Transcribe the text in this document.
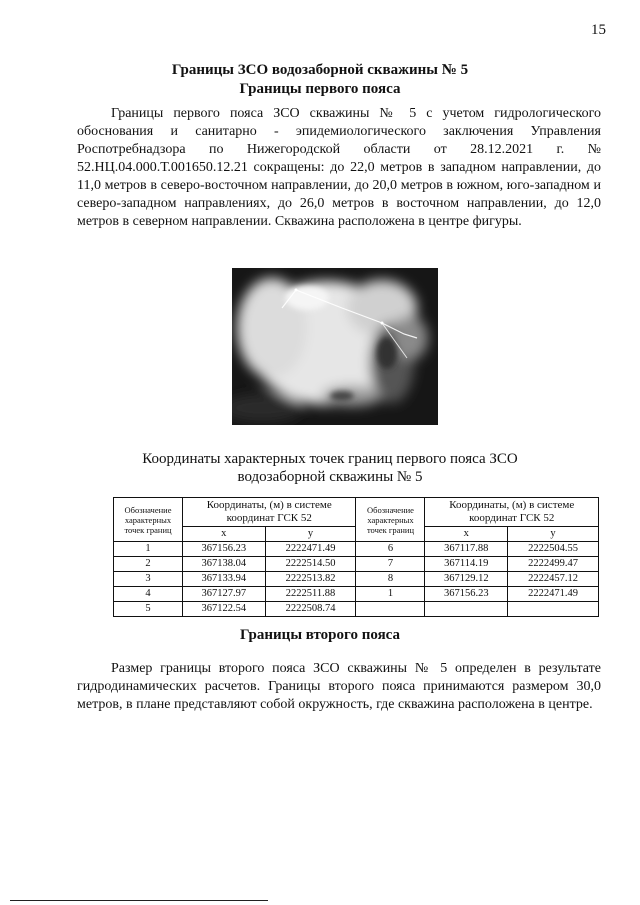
15
Границы ЗСО водозаборной скважины № 5
Границы первого пояса
Границы первого пояса ЗСО скважины № 5 с учетом гидрологического обоснования и санитарно - эпидемиологического заключения Управления Роспотребнадзора по Нижегородской области от 28.12.2021 г. № 52.НЦ.04.000.Т.001650.12.21 сокращены: до 22,0 метров в западном направлении, до 11,0 метров в северо-восточном направлении, до 20,0 метров в южном, юго-западном и северо-западном направлениях, до 26,0 метров в восточном направлении, до 12,0 метров в северном направлении. Скважина расположена в центре фигуры.
Координаты характерных точек границ первого пояса ЗСО
водозаборной скважины № 5
Обозначение характерных точек границ	Координаты, (м) в системе координат ГСК 52		Обозначение характерных точек границ	Координаты, (м) в системе координат ГСК 52	
	x	y		x	y
1	367156.23	2222471.49	6	367117.88	2222504.55
2	367138.04	2222514.50	7	367114.19	2222499.47
3	367133.94	2222513.82	8	367129.12	2222457.12
4	367127.97	2222511.88	1	367156.23	2222471.49
5	367122.54	2222508.74			
Границы второго пояса
Размер границы второго пояса ЗСО скважины № 5 определен в результате гидродинамических расчетов. Границы второго пояса принимаются размером 30,0 метров, в плане представляют собой окружность, где скважина расположена в центре.
